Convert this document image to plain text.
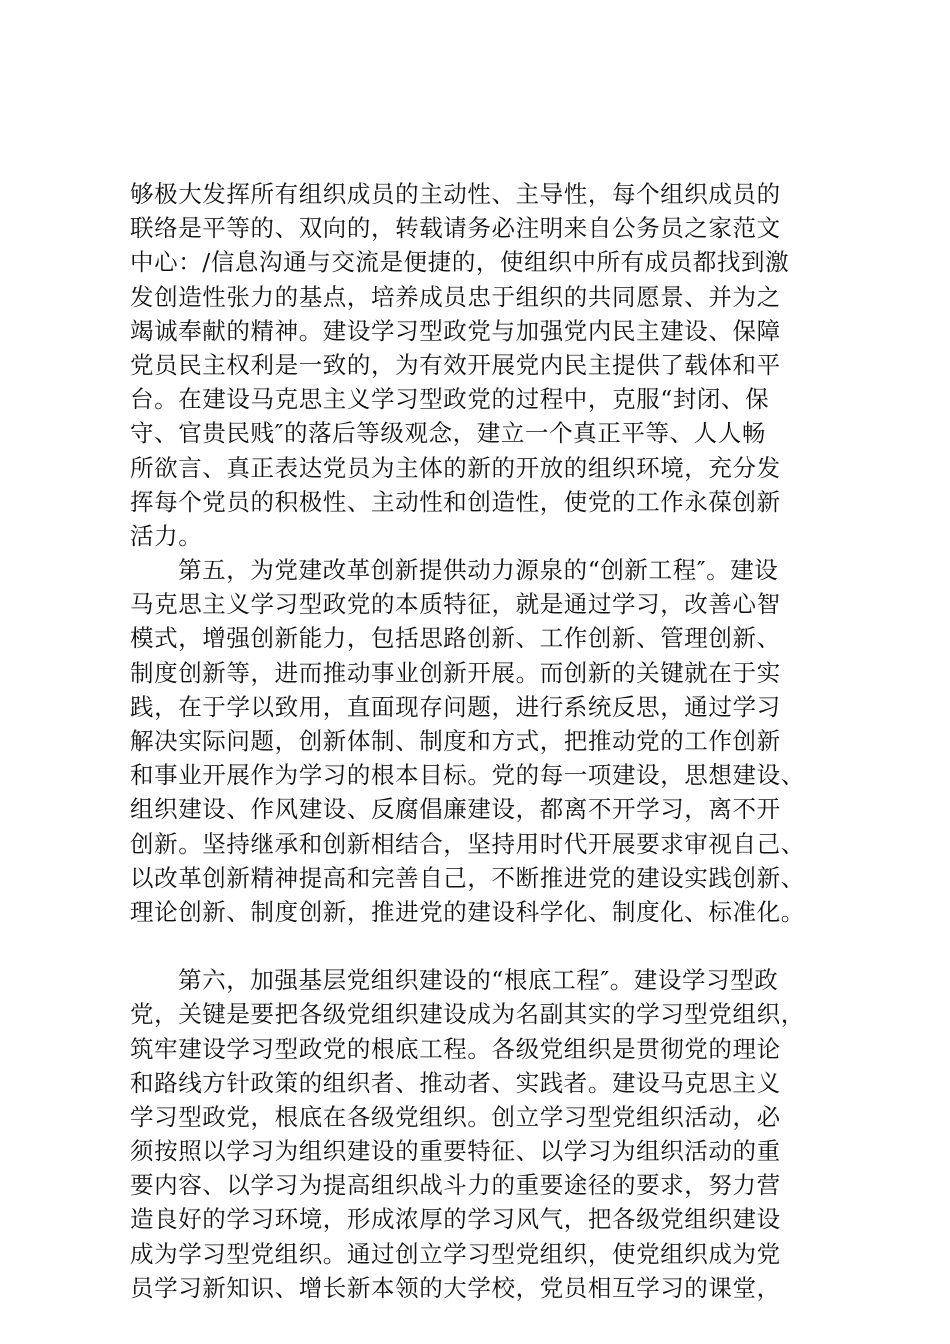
够极大发挥所有组织成员的主动性、主导性，每个组织成员的
联络是平等的、双向的，转载请务必注明来自公务员之家范文
中心：/信息沟通与交流是便捷的，使组织中所有成员都找到激
发创造性张力的基点，培养成员忠于组织的共同愿景、并为之
竭诚奉献的精神。建设学习型政党与加强党内民主建设、保障
党员民主权利是一致的，为有效开展党内民主提供了载体和平
台。在建设马克思主义学习型政党的过程中，克服“封闭、保
守、官贵民贱″的落后等级观念，建立一个真正平等、人人畅
所欲言、真正表达党员为主体的新的开放的组织环境，充分发
挥每个党员的积极性、主动性和创造性，使党的工作永葆创新
活力。
第五，为党建改革创新提供动力源泉的“创新工程″。建设
马克思主义学习型政党的本质特征，就是通过学习，改善心智
模式，增强创新能力，包括思路创新、工作创新、管理创新、
制度创新等，进而推动事业创新开展。而创新的关键就在于实
践，在于学以致用，直面现存问题，进行系统反思，通过学习
解决实际问题，创新体制、制度和方式，把推动党的工作创新
和事业开展作为学习的根本目标。党的每一项建设，思想建设、
组织建设、作风建设、反腐倡廉建设，都离不开学习，离不开
创新。坚持继承和创新相结合，坚持用时代开展要求审视自己、
以改革创新精神提高和完善自己，不断推进党的建设实践创新、
理论创新、制度创新，推进党的建设科学化、制度化、标准化。
第六，加强基层党组织建设的“根底工程″。建设学习型政
党，关键是要把各级党组织建设成为名副其实的学习型党组织，
筑牢建设学习型政党的根底工程。各级党组织是贯彻党的理论
和路线方针政策的组织者、推动者、实践者。建设马克思主义
学习型政党，根底在各级党组织。创立学习型党组织活动，必
须按照以学习为组织建设的重要特征、以学习为组织活动的重
要内容、以学习为提高组织战斗力的重要途径的要求，努力营
造良好的学习环境，形成浓厚的学习风气，把各级党组织建设
成为学习型党组织。通过创立学习型党组织，使党组织成为党
员学习新知识、增长新本领的大学校，党员相互学习的课堂，
